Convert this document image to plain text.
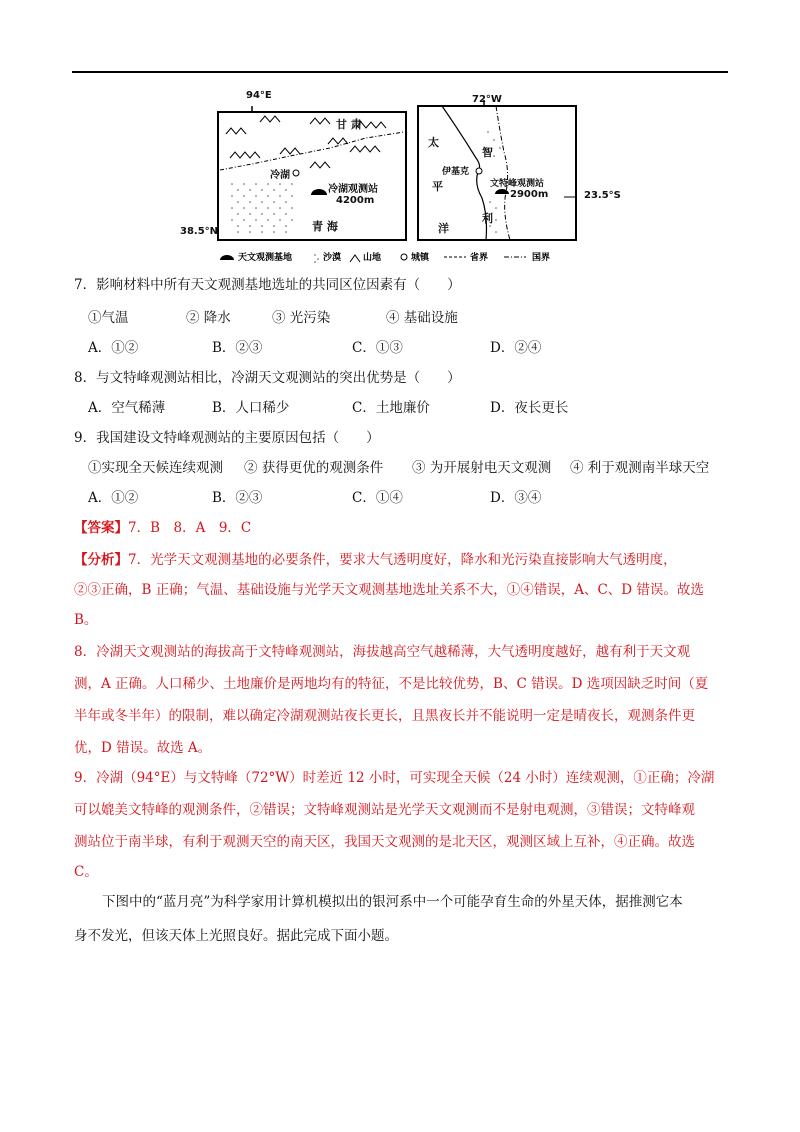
天文观测基地	沙漠 山地	城镇	省界	国界
94°E
38.5°N
甘 肃
冷湖
冷湖观测站
4200m
青 海
72°W
23.5°S
太
平
洋
智
利
伊基克
文特峰观测站
2900m
7．影响材料中所有天文观测基地选址的共同区位因素有（　　）
①气温	② 降水	③ 光污染	④ 基础设施
A．①②	B．②③	C．①③	D．②④
8．与文特峰观测站相比，冷湖天文观测站的突出优势是（　　）
A．空气稀薄	B．人口稀少	C．土地廉价	D．夜长更长
9．我国建设文特峰观测站的主要原因包括（　　）
①实现全天候连续观测 ② 获得更优的观测条件 ③ 为开展射电天文观测 ④ 利于观测南半球天空
A．①②	B．②③	C．①④	D．③④
【答案】7．B　8．A　9．C
【分析】7．光学天文观测基地的必要条件，要求大气透明度好，降水和光污染直接影响大气透明度，
②③正确，B 正确；气温、基础设施与光学天文观测基地选址关系不大，①④错误，A、C、D 错误。故选
B。
8．冷湖天文观测站的海拔高于文特峰观测站，海拔越高空气越稀薄，大气透明度越好，越有利于天文观
测，A 正确。人口稀少、土地廉价是两地均有的特征，不是比较优势，B、C 错误。D 选项因缺乏时间（夏
半年或冬半年）的限制，难以确定冷湖观测站夜长更长，且黑夜长并不能说明一定是晴夜长，观测条件更
优，D 错误。故选 A。
9．冷湖（94°E）与文特峰（72°W）时差近 12 小时，可实现全天候（24 小时）连续观测，①正确；冷湖
可以媲美文特峰的观测条件，②错误；文特峰观测站是光学天文观测而不是射电观测，③错误；文特峰观
测站位于南半球，有利于观测天空的南天区，我国天文观测的是北天区，观测区域上互补，④正确。故选
C。
下图中的“蓝月亮”为科学家用计算机模拟出的银河系中一个可能孕育生命的外星天体，据推测它本
身不发光，但该天体上光照良好。据此完成下面小题。
